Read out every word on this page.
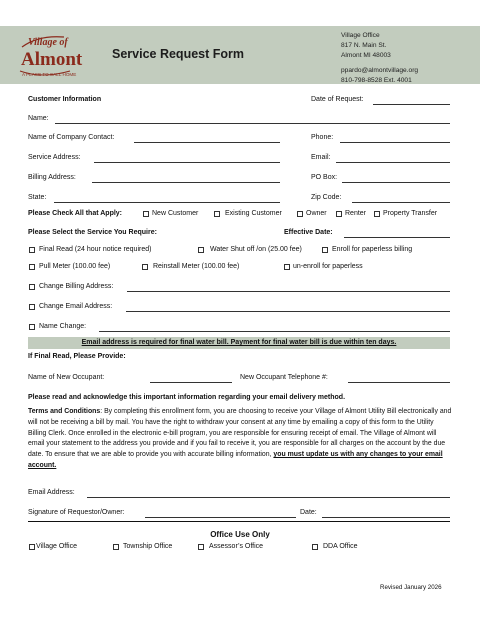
Village of
Almont
A PLACE TO CALL HOME
Service Request Form
Village Office
817 N. Main St.
Almont MI 48003
ppardo@almontvillage.org
810-798-8528 Ext. 4001
Customer Information	Date of Request:
Name:
Name of Company Contact:	Phone:
Service Address:	Email:
Billing Address:	PO Box:
State:	Zip Code:
Please Check All that Apply:	New Customer	Existing Customer	Owner	Renter Property Transfer
Please Select the Service You Require:	Effective Date:
Final Read (24 hour notice required)	Water Shut off /on (25.00 fee)	Enroll for paperless billing
Pull Meter (100.00 fee)	Reinstall Meter (100.00 fee)	un-enroll for paperless
Change Billing Address:
Change Email Address:
Name Change:
Email address is required for final water bill. Payment for final water bill is due within ten days.
If Final Read, Please Provide:
Name of New Occupant:	New Occupant Telephone #:
Please read and acknowledge this important information regarding your email delivery method.
Terms and Conditions: By completing this enrollment form, you are choosing to receive your Village of Almont Utility Bill electronically and will not be receiving a bill by mail. You have the right to withdraw your consent at any time by emailing a copy of this form to the Utility Billing Clerk. Once enrolled in the electronic e-bill program, you are responsible for ensuring receipt of email. The Village of Almont will email your statement to the address you provide and if you fail to receive it, you are responsible for all charges on the account by the due date. To ensure that we are able to provide you with accurate billing information, you must update us with any changes to your email account.
Email Address:
Signature of Requestor/Owner:	Date:
Office Use Only
Village Office	Township Office	Assessor’s Office	DDA Office
Revised January 2026
